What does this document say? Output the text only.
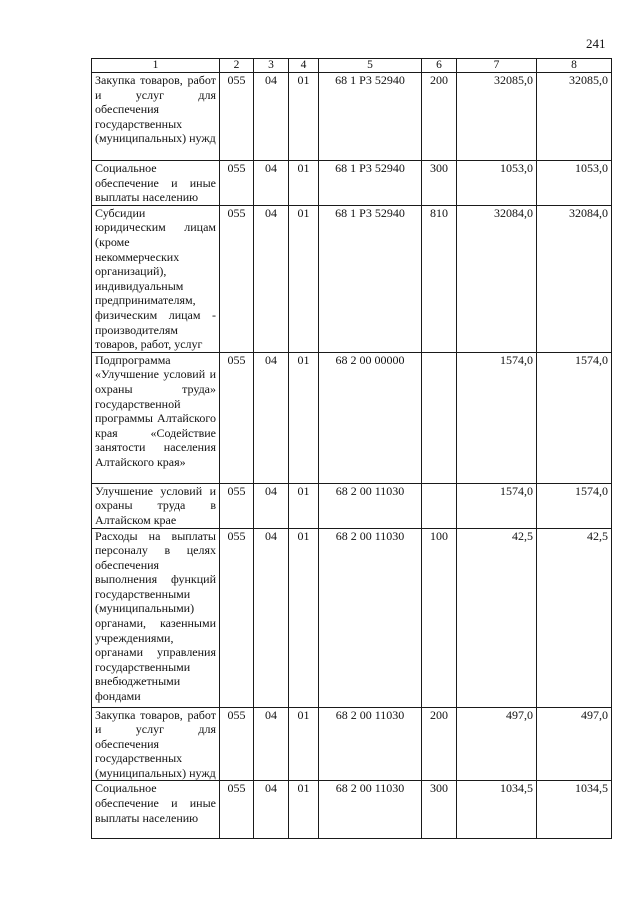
241
1	2	3	4	5	6	7	8
Закупка товаров, работ и услуг для обеспечения государственных (муниципальных) нужд	055	04	01	68 1 Р3 52940	200	32085,0	32085,0
Социальное обеспечение и иные выплаты населению	055	04	01	68 1 Р3 52940	300	1053,0	1053,0
Субсидии юридическим лицам (кроме некоммерческих организаций), индивидуальным предпринимателям, физическим лицам - производителям товаров, работ, услуг	055	04	01	68 1 Р3 52940	810	32084,0	32084,0
Подпрограмма «Улучшение условий и охраны труда» государственной программы Алтайского края «Содействие занятости населения Алтайского края»	055	04	01	68 2 00 00000		1574,0	1574,0
Улучшение условий и охраны труда в Алтайском крае	055	04	01	68 2 00 11030		1574,0	1574,0
Расходы на выплаты персоналу в целях обеспечения выполнения функций государственными (муниципальными) органами, казенными учреждениями, органами управления государственными внебюджетными фондами	055	04	01	68 2 00 11030	100	42,5	42,5
Закупка товаров, работ и услуг для обеспечения государственных (муниципальных) нужд	055	04	01	68 2 00 11030	200	497,0	497,0
Социальное обеспечение и иные выплаты населению	055	04	01	68 2 00 11030	300	1034,5	1034,5
